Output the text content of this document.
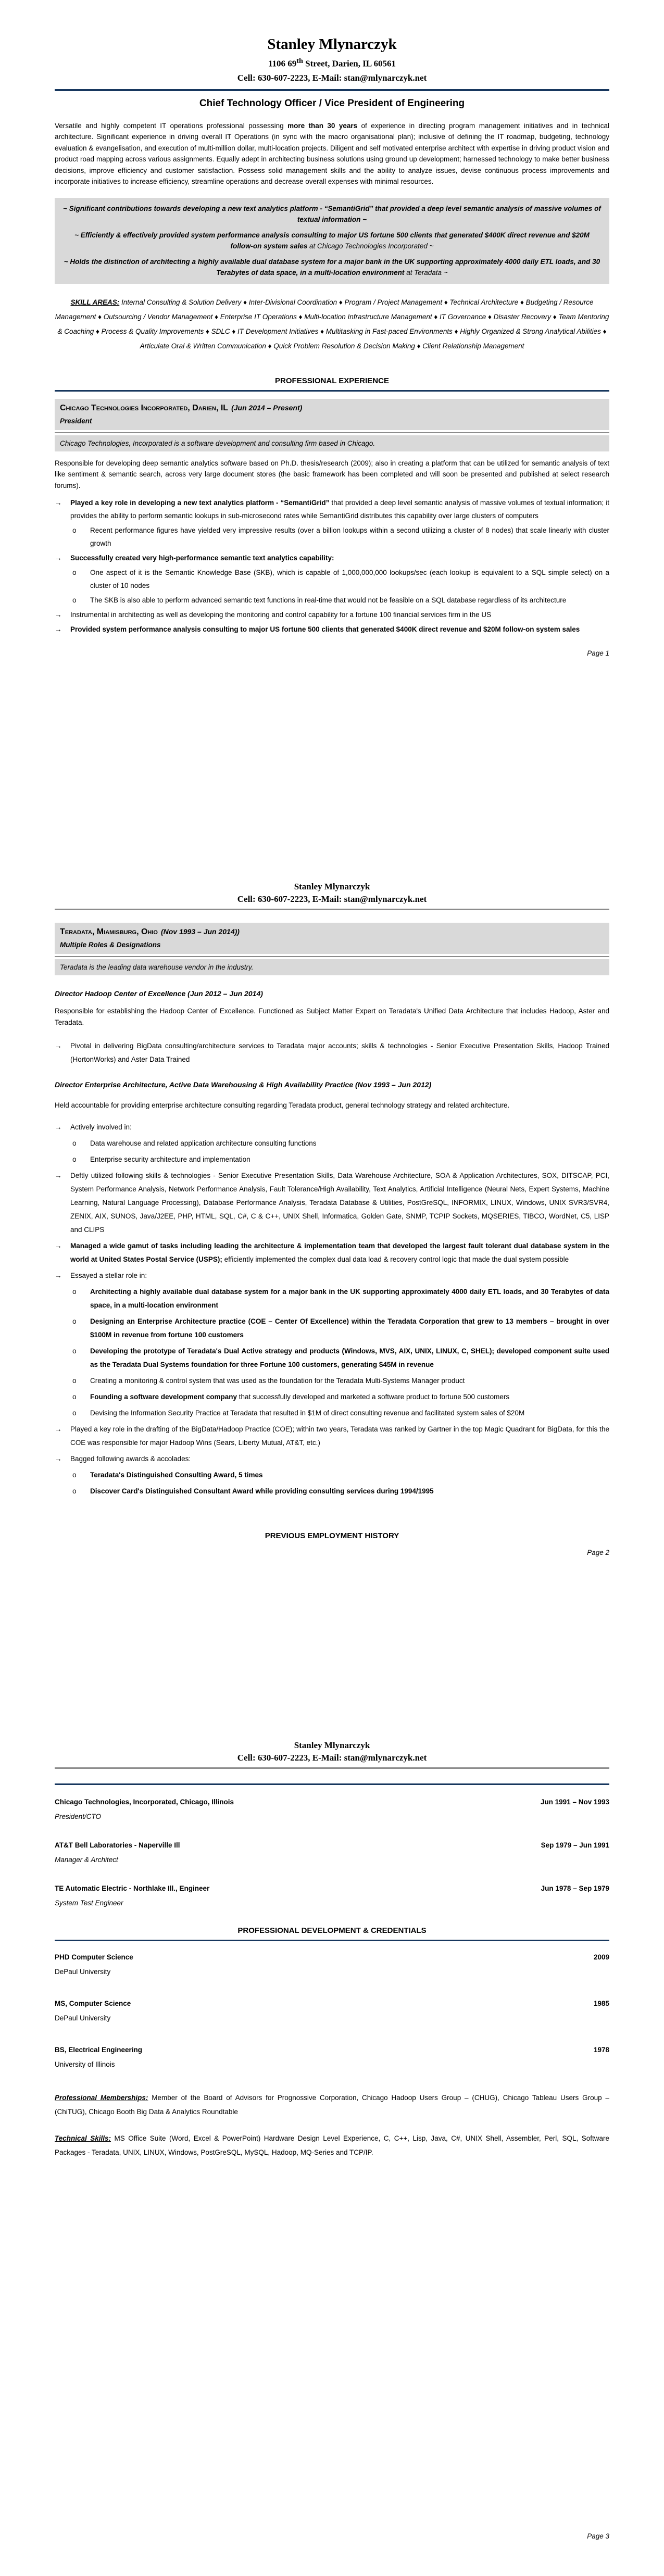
Stanley Mlynarczyk
1106 69th Street, Darien, IL 60561
Cell: 630-607-2223, E-Mail: stan@mlynarczyk.net
Chief Technology Officer / Vice President of Engineering

Versatile and highly competent IT operations professional possessing more than 30 years of experience in directing program management initiatives and in technical architecture. Significant experience in driving overall IT Operations (in sync with the macro organisational plan); inclusive of defining the IT roadmap, budgeting, technology evaluation & evangelisation, and execution of multi-million dollar, multi-location projects. Diligent and self motivated enterprise architect with expertise in driving product vision and product road mapping across various assignments. Equally adept in architecting business solutions using ground up development; harnessed technology to make better business decisions, improve efficiency and customer satisfaction. Possess solid management skills and the ability to analyze issues, devise continuous process improvements and incorporate initiatives to increase efficiency, streamline operations and decrease overall expenses with minimal resources.

~ Significant contributions towards developing a new text analytics platform - “SemantiGrid” that provided a deep level semantic analysis of massive volumes of textual information ~

~ Efficiently & effectively provided system performance analysis consulting to major US fortune 500 clients that generated $400K direct revenue and $20M follow-on system sales at Chicago Technologies Incorporated ~

~ Holds the distinction of architecting a highly available dual database system for a major bank in the UK supporting approximately 4000 daily ETL loads, and 30 Terabytes of data space, in a multi-location environment at Teradata ~

SKILL AREAS: Internal Consulting & Solution Delivery ♦ Inter-Divisional Coordination ♦ Program / Project Management ♦ Technical Architecture ♦ Budgeting / Resource Management ♦ Outsourcing / Vendor Management ♦ Enterprise IT Operations ♦ Multi-location Infrastructure Management ♦ IT Governance ♦ Disaster Recovery ♦ Team Mentoring & Coaching ♦ Process & Quality Improvements ♦ SDLC ♦ IT Development Initiatives ♦ Multitasking in Fast-paced Environments ♦ Highly Organized & Strong Analytical Abilities ♦ Articulate Oral & Written Communication ♦ Quick Problem Resolution & Decision Making ♦ Client Relationship Management

PROFESSIONAL EXPERIENCE
Chicago Technologies Incorporated, Darien, IL (Jun 2014 – Present)
President
Chicago Technologies, Incorporated is a software development and consulting firm based in Chicago.

Responsible for developing deep semantic analytics software based on Ph.D. thesis/research (2009); also in creating a platform that can be utilized for semantic analysis of text like sentiment & semantic search, across very large document stores (the basic framework has been completed and will soon be presented and published at select research forums).

→	Played a key role in developing a new text analytics platform - “SemantiGrid” that provided a deep level semantic analysis of massive volumes of textual information; it provides the ability to perform semantic lookups in sub-microsecond rates while SemantiGrid distributes this capability over large clusters of computers

o	Recent performance figures have yielded very impressive results (over a billion lookups within a second utilizing a cluster of 8 nodes) that scale linearly with cluster growth

→	Successfully created very high-performance semantic text analytics capability:

o	One aspect of it is the Semantic Knowledge Base (SKB), which is capable of 1,000,000,000 lookups/sec (each lookup is equivalent to a SQL simple select) on a cluster of 10 nodes

o	The SKB is also able to perform advanced semantic text functions in real-time that would not be feasible on a SQL database regardless of its architecture

→	Instrumental in architecting as well as developing the monitoring and control capability for a fortune 100 financial services firm in the US

→	Provided system performance analysis consulting to major US fortune 500 clients that generated $400K direct revenue and $20M follow-on system sales

Page 1
Stanley Mlynarczyk
Cell: 630-607-2223, E-Mail: stan@mlynarczyk.net
Teradata, Miamisburg, Ohio (Nov 1993 – Jun 2014))
Multiple Roles & Designations
Teradata is the leading data warehouse vendor in the industry.
Director Hadoop Center of Excellence (Jun 2012 – Jun 2014)

Responsible for establishing the Hadoop Center of Excellence. Functioned as Subject Matter Expert on Teradata's Unified Data Architecture that includes Hadoop, Aster and Teradata.

→	Pivotal in delivering BigData consulting/architecture services to Teradata major accounts; skills & technologies - Senior Executive Presentation Skills, Hadoop Trained (HortonWorks) and Aster Data Trained

Director Enterprise Architecture, Active Data Warehousing & High Availability Practice (Nov 1993 – Jun 2012)

Held accountable for providing enterprise architecture consulting regarding Teradata product, general technology strategy and related architecture.

→	Actively involved in:

o	Data warehouse and related application architecture consulting functions

o	Enterprise security architecture and implementation

→	Deftly utilized following skills & technologies - Senior Executive Presentation Skills, Data Warehouse Architecture, SOA & Application Architectures, SOX, DITSCAP, PCI, System Performance Analysis, Network Performance Analysis, Fault Tolerance/High Availability, Text Analytics, Artificial Intelligence (Neural Nets, Expert Systems, Machine Learning, Natural Language Processing), Database Performance Analysis, Teradata Database & Utilities, PostGreSQL, INFORMIX, LINUX, Windows, UNIX SVR3/SVR4, ZENIX, AIX, SUNOS, Java/J2EE, PHP, HTML, SQL, C#, C & C++, UNIX Shell, Informatica, Golden Gate, SNMP, TCPIP Sockets, MQSERIES, TIBCO, WordNet, C5, LISP and CLIPS

→	Managed a wide gamut of tasks including leading the architecture & implementation team that developed the largest fault tolerant dual database system in the world at United States Postal Service (USPS); efficiently implemented the complex dual data load & recovery control logic that made the dual system possible

→	Essayed a stellar role in:

o	Architecting a highly available dual database system for a major bank in the UK supporting approximately 4000 daily ETL loads, and 30 Terabytes of data space, in a multi-location environment

o	Designing an Enterprise Architecture practice (COE – Center Of Excellence) within the Teradata Corporation that grew to 13 members – brought in over $100M in revenue from fortune 100 customers

o	Developing the prototype of Teradata's Dual Active strategy and products (Windows, MVS, AIX, UNIX, LINUX, C, SHEL); developed component suite used as the Teradata Dual Systems foundation for three Fortune 100 customers, generating $45M in revenue

o	Creating a monitoring & control system that was used as the foundation for the Teradata Multi-Systems Manager product

o	Founding a software development company that successfully developed and marketed a software product to fortune 500 customers

o	Devising the Information Security Practice at Teradata that resulted in $1M of direct consulting revenue and facilitated system sales of $20M

→	Played a key role in the drafting of the BigData/Hadoop Practice (COE); within two years, Teradata was ranked by Gartner in the top Magic Quadrant for BigData, for this the COE was responsible for major Hadoop Wins (Sears, Liberty Mutual, AT&T, etc.)

→	Bagged following awards & accolades:

o	Teradata's Distinguished Consulting Award, 5 times

o	Discover Card's Distinguished Consultant Award while providing consulting services during 1994/1995

PREVIOUS EMPLOYMENT HISTORY
Page 2
Stanley Mlynarczyk
Cell: 630-607-2223, E-Mail: stan@mlynarczyk.net
Chicago Technologies, Incorporated, Chicago, Illinois	Jun 1991 – Nov 1993
President/CTO
AT&T Bell Laboratories - Naperville Ill	Sep 1979 – Jun 1991
Manager & Architect
TE Automatic Electric - Northlake Ill., Engineer	Jun 1978 – Sep 1979
System Test Engineer
PROFESSIONAL DEVELOPMENT & CREDENTIALS
PHD Computer Science	2009
DePaul University
MS, Computer Science	1985
DePaul University
BS, Electrical Engineering	1978
University of Illinois

Professional Memberships: Member of the Board of Advisors for Prognossive Corporation, Chicago Hadoop Users Group – (CHUG), Chicago Tableau Users Group – (ChiTUG), Chicago Booth Big Data & Analytics Roundtable

Technical Skills: MS Office Suite (Word, Excel & PowerPoint) Hardware Design Level Experience, C, C++, Lisp, Java, C#, UNIX Shell, Assembler, Perl, SQL, Software Packages - Teradata, UNIX, LINUX, Windows, PostGreSQL, MySQL, Hadoop, MQ-Series and TCP/IP.

Page 3
